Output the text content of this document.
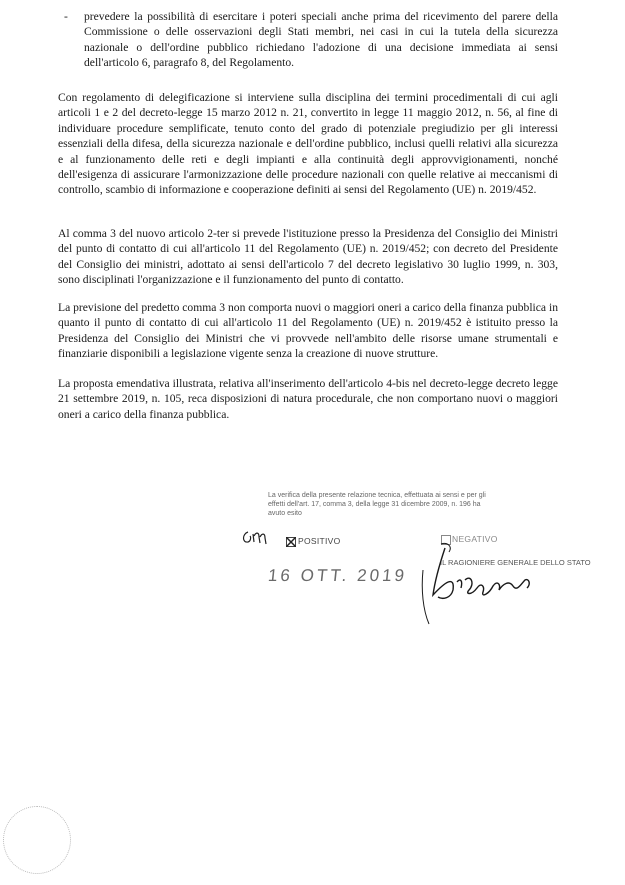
- prevedere la possibilità di esercitare i poteri speciali anche prima del ricevimento del parere della Commissione o delle osservazioni degli Stati membri, nei casi in cui la tutela della sicurezza nazionale o dell'ordine pubblico richiedano l'adozione di una decisione immediata ai sensi dell'articolo 6, paragrafo 8, del Regolamento.

Con regolamento di delegificazione si interviene sulla disciplina dei termini procedimentali di cui agli articoli 1 e 2 del decreto-legge 15 marzo 2012 n. 21, convertito in legge 11 maggio 2012, n. 56, al fine di individuare procedure semplificate, tenuto conto del grado di potenziale pregiudizio per gli interessi essenziali della difesa, della sicurezza nazionale e dell'ordine pubblico, inclusi quelli relativi alla sicurezza e al funzionamento delle reti e degli impianti e alla continuità degli approvvigionamenti, nonché dell'esigenza di assicurare l'armonizzazione delle procedure nazionali con quelle relative ai meccanismi di controllo, scambio di informazione e cooperazione definiti ai sensi del Regolamento (UE) n. 2019/452.

Al comma 3 del nuovo articolo 2-ter si prevede l'istituzione presso la Presidenza del Consiglio dei Ministri del punto di contatto di cui all'articolo 11 del Regolamento (UE) n. 2019/452; con decreto del Presidente del Consiglio dei ministri, adottato ai sensi dell'articolo 7 del decreto legislativo 30 luglio 1999, n. 303, sono disciplinati l'organizzazione e il funzionamento del punto di contatto.

La previsione del predetto comma 3 non comporta nuovi o maggiori oneri a carico della finanza pubblica in quanto il punto di contatto di cui all'articolo 11 del Regolamento (UE) n. 2019/452 è istituito presso la Presidenza del Consiglio dei Ministri che vi provvede nell'ambito delle risorse umane strumentali e finanziarie disponibili a legislazione vigente senza la creazione di nuove strutture.

La proposta emendativa illustrata, relativa all'inserimento dell'articolo 4-bis nel decreto-legge decreto legge 21 settembre 2019, n. 105, reca disposizioni di natura procedurale, che non comportano nuovi o maggiori oneri a carico della finanza pubblica.

La verifica della presente relazione tecnica, effettuata ai sensi e per gli
effetti dell'art. 17, comma 3, della legge 31 dicembre 2009, n. 196 ha
avuto esito
POSITIVO	NEGATIVO
16 OTT. 2019
IL RAGIONIERE GENERALE DELLO STATO
